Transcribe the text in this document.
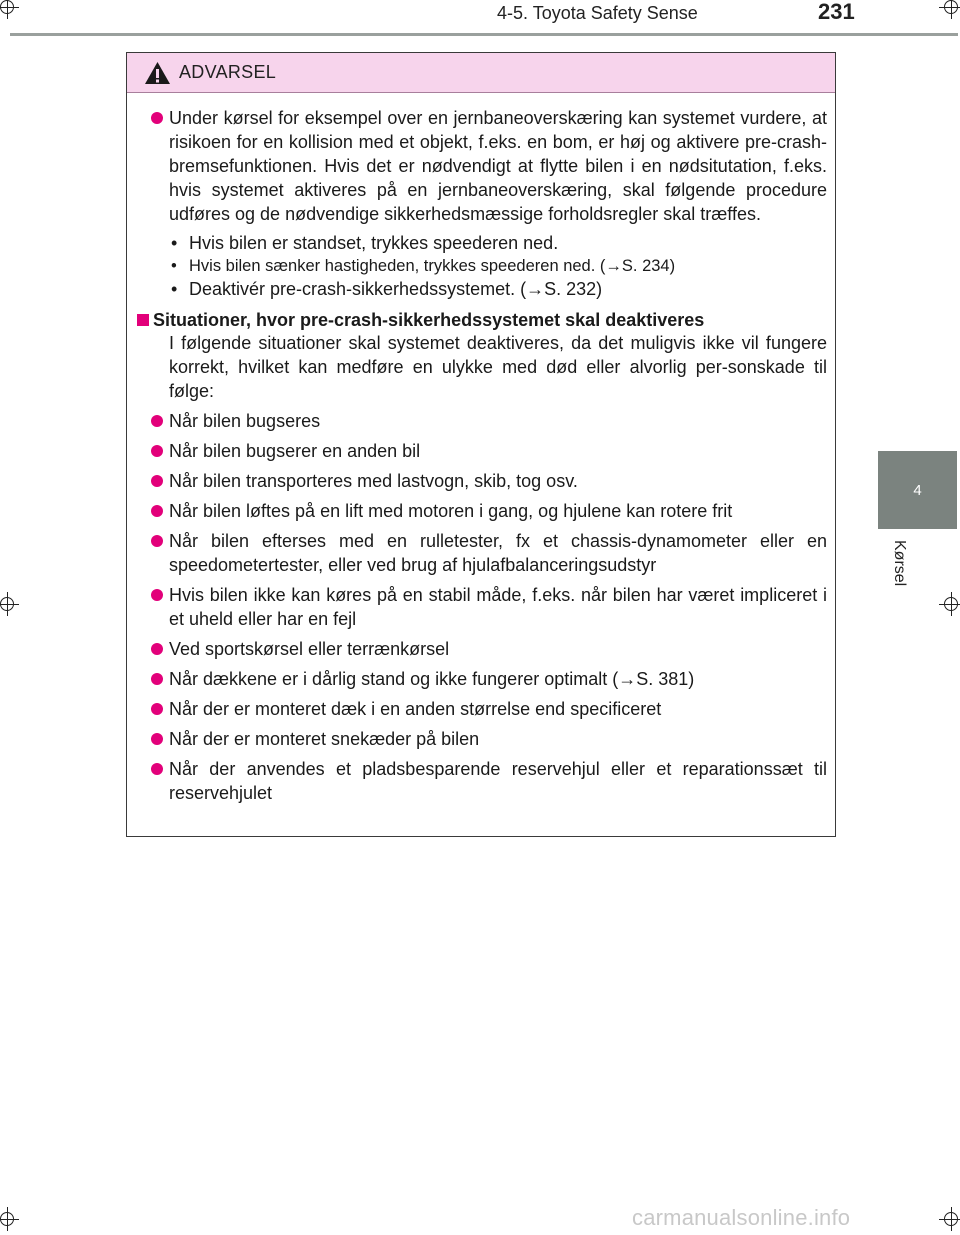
4-5. Toyota Safety Sense	231
4
Kørsel
ADVARSEL
Under kørsel for eksempel over en jernbaneoverskæring kan systemet vurdere, at risikoen for en kollision med et objekt, f.eks. en bom, er høj og aktivere pre-crash-bremsefunktionen. Hvis det er nødvendigt at flytte bilen i en nødsitutation, f.eks. hvis systemet aktiveres på en jernbaneoverskæring, skal følgende procedure udføres og de nødvendige sikkerhedsmæssige forholdsregler skal træffes.
• Hvis bilen er standset, trykkes speederen ned.
• Hvis bilen sænker hastigheden, trykkes speederen ned. (→S. 234)
• Deaktivér pre-crash-sikkerhedssystemet. (→S. 232)
Situationer, hvor pre-crash-sikkerhedssystemet skal deaktiveres
I følgende situationer skal systemet deaktiveres, da det muligvis ikke vil fungere korrekt, hvilket kan medføre en ulykke med død eller alvorlig per-sonskade til følge:
Når bilen bugseres
Når bilen bugserer en anden bil
Når bilen transporteres med lastvogn, skib, tog osv.
Når bilen løftes på en lift med motoren i gang, og hjulene kan rotere frit
Når bilen efterses med en rulletester, fx et chassis-dynamometer eller en speedometertester, eller ved brug af hjulafbalanceringsudstyr
Hvis bilen ikke kan køres på en stabil måde, f.eks. når bilen har været impliceret i et uheld eller har en fejl
Ved sportskørsel eller terrænkørsel
Når dækkene er i dårlig stand og ikke fungerer optimalt (→S. 381)
Når der er monteret dæk i en anden størrelse end specificeret
Når der er monteret snekæder på bilen
Når der anvendes et pladsbesparende reservehjul eller et reparationssæt til reservehjulet
carmanualsonline.info
